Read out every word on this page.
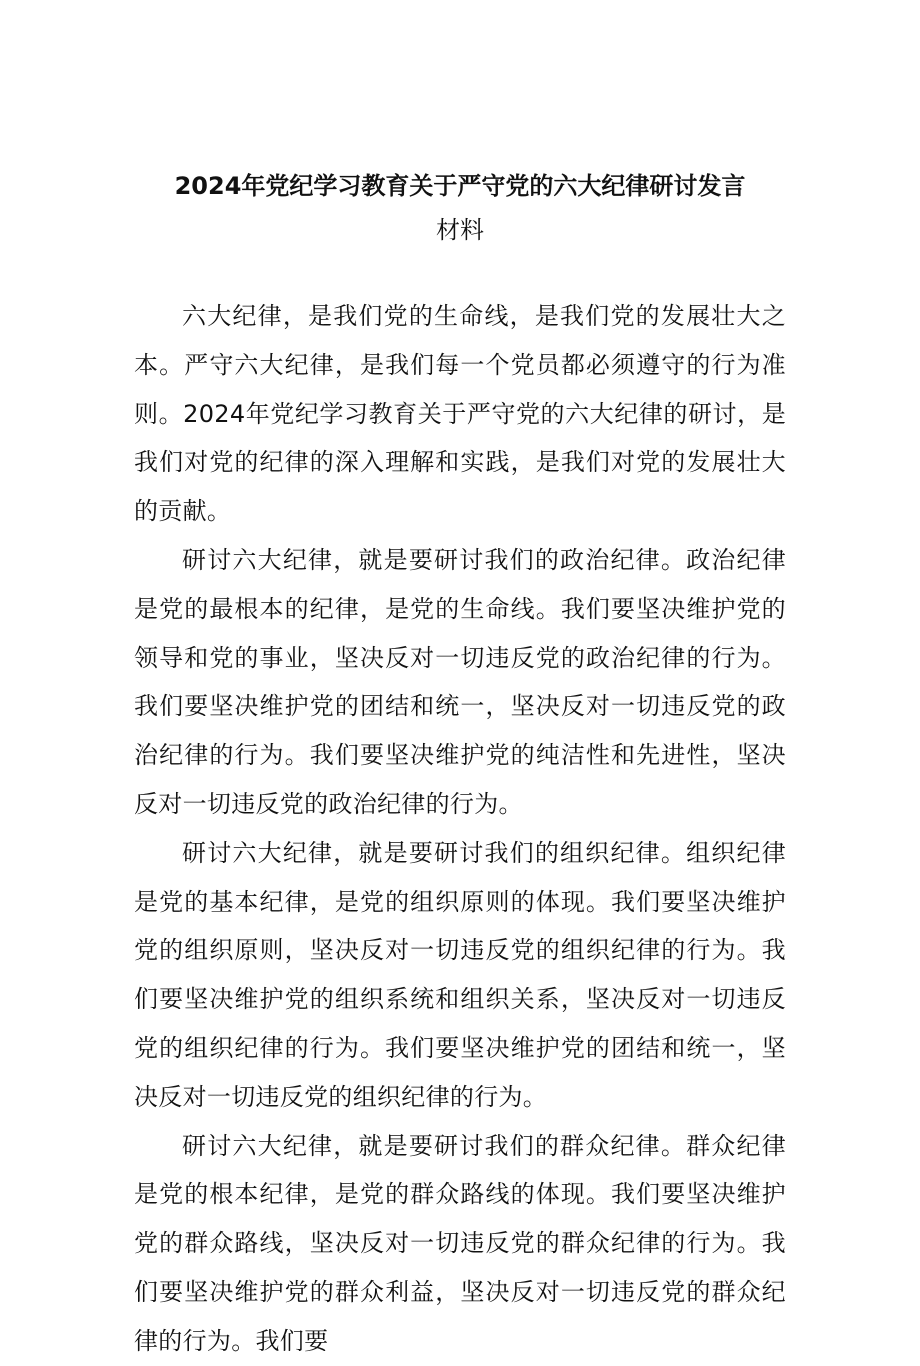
2024年党纪学习教育关于严守党的六大纪律研讨发言
材料

六大纪律，是我们党的生命线，是我们党的发展壮大之本。严守六大纪律，是我们每一个党员都必须遵守的行为准则。2024年党纪学习教育关于严守党的六大纪律的研讨，是我们对党的纪律的深入理解和实践，是我们对党的发展壮大的贡献。

研讨六大纪律，就是要研讨我们的政治纪律。政治纪律是党的最根本的纪律，是党的生命线。我们要坚决维护党的领导和党的事业，坚决反对一切违反党的政治纪律的行为。我们要坚决维护党的团结和统一，坚决反对一切违反党的政治纪律的行为。我们要坚决维护党的纯洁性和先进性，坚决反对一切违反党的政治纪律的行为。

研讨六大纪律，就是要研讨我们的组织纪律。组织纪律是党的基本纪律，是党的组织原则的体现。我们要坚决维护党的组织原则，坚决反对一切违反党的组织纪律的行为。我们要坚决维护党的组织系统和组织关系，坚决反对一切违反党的组织纪律的行为。我们要坚决维护党的团结和统一，坚决反对一切违反党的组织纪律的行为。

研讨六大纪律，就是要研讨我们的群众纪律。群众纪律是党的根本纪律，是党的群众路线的体现。我们要坚决维护党的群众路线，坚决反对一切违反党的群众纪律的行为。我们要坚决维护党的群众利益，坚决反对一切违反党的群众纪律的行为。我们要
